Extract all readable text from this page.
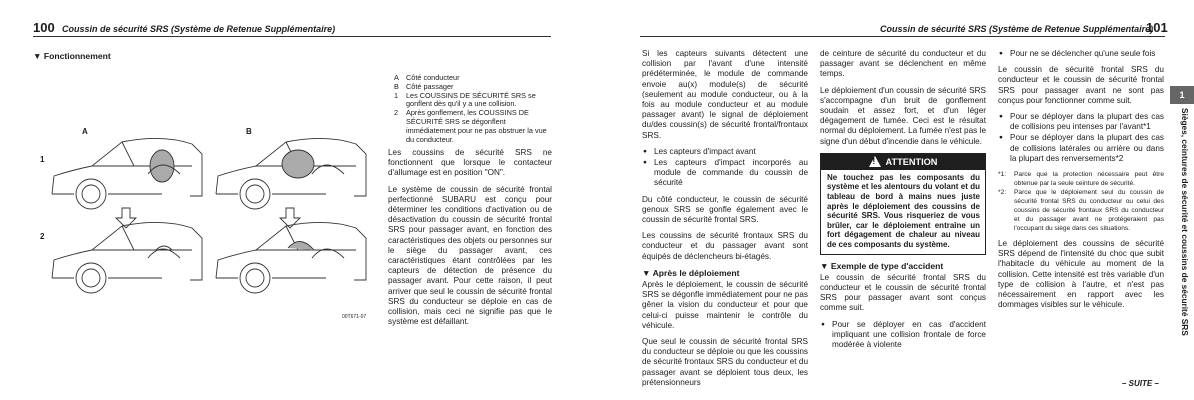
100 Coussin de sécurité SRS (Système de Retenue Supplémentaire)
▼ Fonctionnement
A	B
1
2
00T671-07
A Côté conducteur
B Côté passager
1	Les COUSSINS DE SÉCURITÉ SRS se gonflent dès qu'il y a une collision.
2	Après gonflement, les COUSSINS DE SÉCURITÉ SRS se dégonflent immédiatement pour ne pas obstruer la vue du conducteur.

Les coussins de sécurité SRS ne fonctionnent que lorsque le contacteur d'allumage est en position "ON".

Le système de coussin de sécurité frontal perfectionné SUBARU est conçu pour déterminer les conditions d'activation ou de désactivation du coussin de sécurité frontal SRS pour passager avant, en fonction des caractéristiques des objets ou personnes sur le siège du passager avant, ces caractéristiques étant contrôlées par les capteurs de détection de présence du passager avant. Pour cette raison, il peut arriver que seul le coussin de sécurité frontal SRS du conducteur se déploie en cas de collision, mais ceci ne signifie pas que le système est défaillant.

Coussin de sécurité SRS (Système de Retenue Supplémentaire)
101

Si les capteurs suivants détectent une collision par l'avant d'une intensité prédéterminée, le module de commande envoie au(x) module(s) de sécurité (seulement au module conducteur, ou à la fois au module conducteur et au module passager avant) le signal de déploiement du/des coussin(s) de sécurité frontal/frontaux SRS.

● Les capteurs d'impact avant
● Les capteurs d'impact incorporés au module de commande du coussin de sécurité

Du côté conducteur, le coussin de sécurité genoux SRS se gonfle également avec le coussin de sécurité frontal SRS.

Les coussins de sécurité frontaux SRS du conducteur et du passager avant sont équipés de déclencheurs bi-étagés.

▼ Après le déploiement

Après le déploiement, le coussin de sécurité SRS se dégonfle immédiatement pour ne pas gêner la vision du conducteur et pour que celui-ci puisse maintenir le contrôle du véhicule.

Que seul le coussin de sécurité frontal SRS du conducteur se déploie ou que les coussins de sécurité frontaux SRS du conducteur et du passager avant se déploient tous deux, les prétensionneurs

de ceinture de sécurité du conducteur et du passager avant se déclenchent en même temps.

Le déploiement d'un coussin de sécurité SRS s'accompagne d'un bruit de gonflement soudain et assez fort, et d'un léger dégagement de fumée. Ceci est le résultat normal du déploiement. La fumée n'est pas le signe d'un début d'incendie dans le véhicule.

! ATTENTION
Ne touchez pas les composants du système et les alentours du volant et du tableau de bord à mains nues juste après le déploiement des coussins de sécurité SRS. Vous risqueriez de vous brûler, car le déploiement entraîne un fort dégagement de chaleur au niveau de ces composants du système.
▼ Exemple de type d'accident

Le coussin de sécurité frontal SRS du conducteur et le coussin de sécurité frontal SRS pour passager avant sont conçus comme suit.

● Pour se déployer en cas d'accident impliquant une collision frontale de force modérée à violente
● Pour ne se déclencher qu'une seule fois

Le coussin de sécurité frontal SRS du conducteur et le coussin de sécurité frontal SRS pour passager avant ne sont pas conçus pour fonctionner comme suit.

● Pour se déployer dans la plupart des cas de collisions peu intenses par l'avant*1
● Pour se déployer dans la plupart des cas de collisions latérales ou arrière ou dans la plupart des renversements*2
*1:	Parce que la protection nécessaire peut être obtenue par la seule ceinture de sécurité.
*2:	Parce que le déploiement seul du coussin de sécurité frontal SRS du conducteur ou celui des coussins de sécurité frontaux SRS du conducteur et du passager avant ne protégeraient pas l'occupant du siège dans ces situations.

Le déploiement des coussins de sécurité SRS dépend de l'intensité du choc que subit l'habitacle du véhicule au moment de la collision. Cette intensité est très variable d'un type de collision à l'autre, et n'est pas nécessairement en rapport avec les dommages visibles sur le véhicule.

1
Sièges, ceintures de sécurité et coussins de sécurité SRS
– SUITE –
